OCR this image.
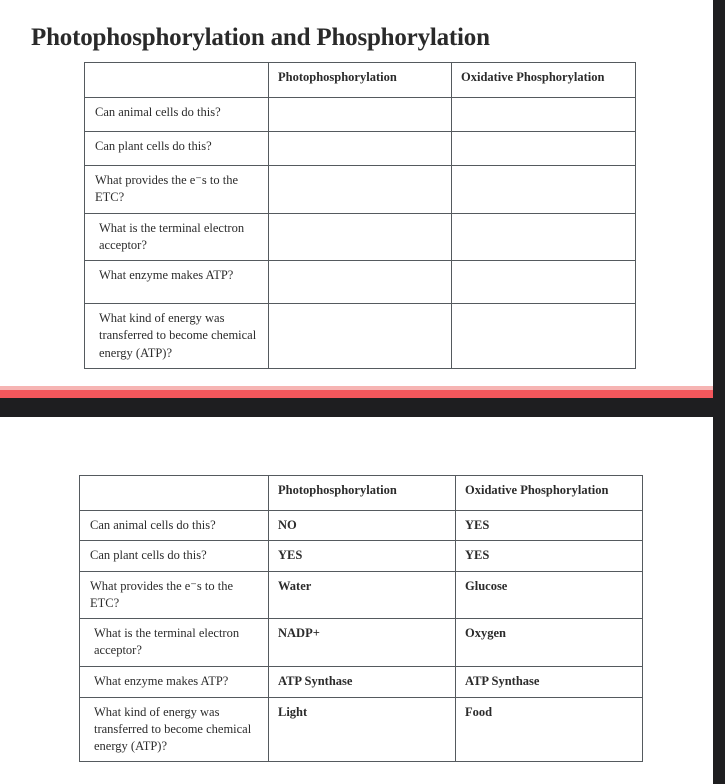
Photophosphorylation and Phosphorylation
	Photophosphorylation	Oxidative Phosphorylation

Can animal cells do this?		

Can plant cells do this?		

What provides the e⁻s to the ETC?		

What is the terminal electron
acceptor?		

What enzyme makes ATP?		

What kind of energy was
transferred to become chemical
energy (ATP)?		

	Photophosphorylation	Oxidative Phosphorylation

Can animal cells do this?	NO	YES

Can plant cells do this?	YES	YES

What provides the e⁻s to the ETC?	Water	Glucose

What is the terminal electron
acceptor?	NADP+	Oxygen

What enzyme makes ATP?	ATP Synthase	ATP Synthase

What kind of energy was
transferred to become chemical
energy (ATP)?	Light	Food
